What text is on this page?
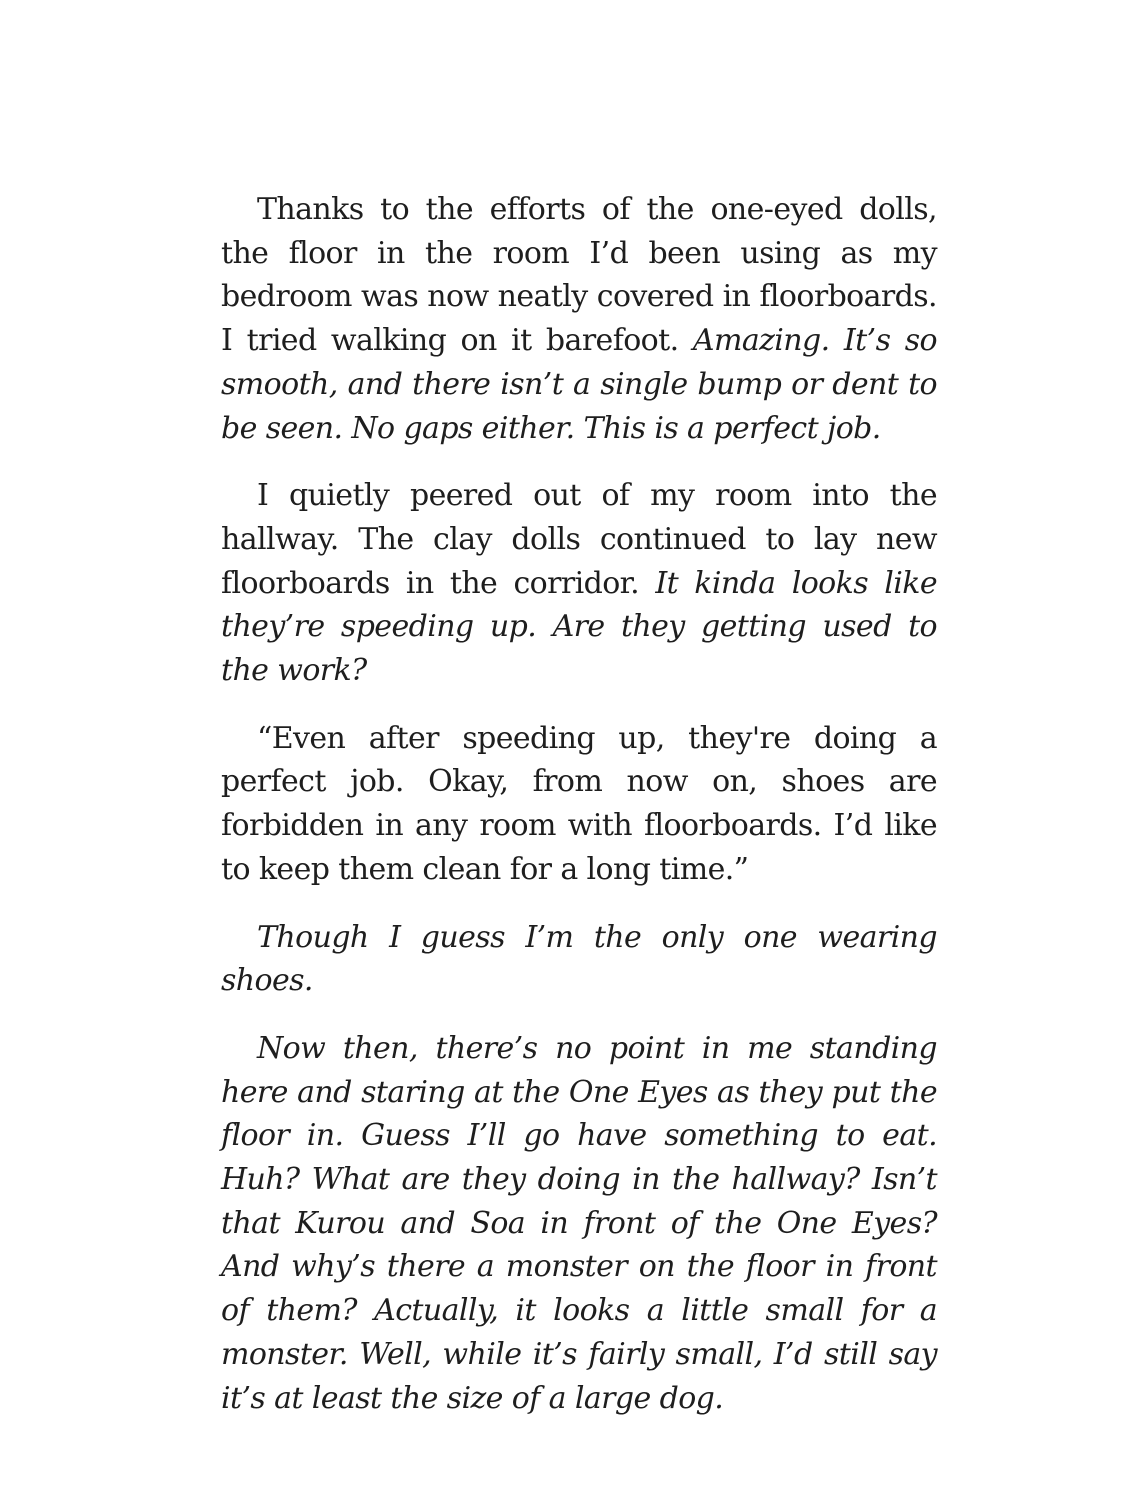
Thanks to the efforts of the one-eyed dolls, the floor in the room I’d been using as my bedroom was now neatly covered in floorboards. I tried walking on it barefoot. Amazing. It’s so smooth, and there isn’t a single bump or dent to be seen. No gaps either. This is a perfect job.

I quietly peered out of my room into the hallway. The clay dolls continued to lay new floorboards in the corridor. It kinda looks like they’re speeding up. Are they getting used to the work?

“Even after speeding up, they're doing a perfect job. Okay, from now on, shoes are forbidden in any room with floorboards. I’d like to keep them clean for a long time.”

Though I guess I’m the only one wearing shoes.

Now then, there’s no point in me standing here and staring at the One Eyes as they put the floor in. Guess I’ll go have something to eat. Huh? What are they doing in the hallway? Isn’t that Kurou and Soa in front of the One Eyes? And why’s there a monster on the floor in front of them? Actually, it looks a little small for a monster. Well, while it’s fairly small, I’d still say it’s at least the size of a large dog.
